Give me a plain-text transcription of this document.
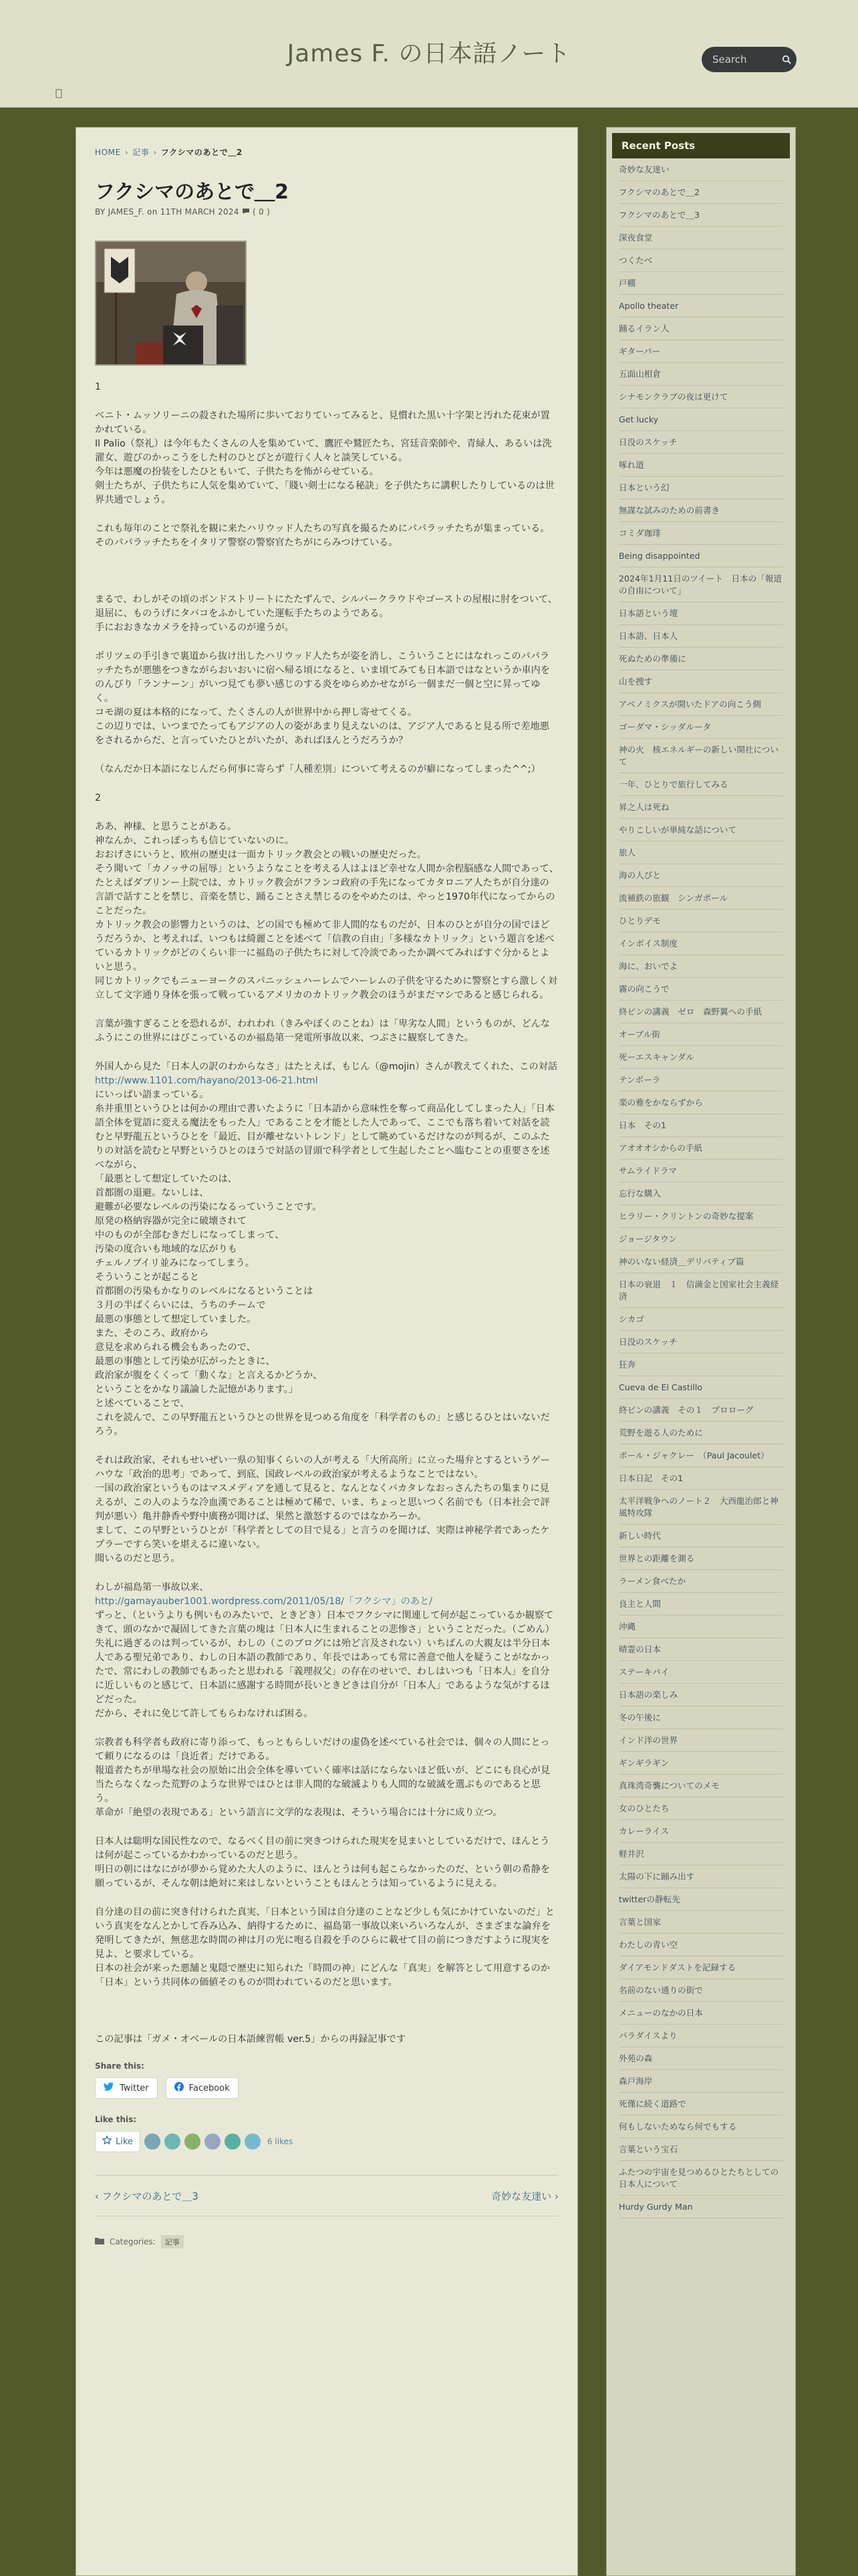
James F. の日本語ノート
Search
HOME › 記事 › フクシマのあとで＿2
フクシマのあとで＿2
BY JAMES_F. on 11TH MARCH 2024 ( 0 )

1

ベニト・ムッソリーニの殺された場所に歩いておりていってみると、見慣れた黒い十字架と汚れた花束が置かれている。
Il Palio（祭礼）は今年もたくさんの人を集めていて、鷹匠や鷲匠たち、宮廷音楽師や、青緑人、あるいは洗濯女、遊びのかっこうをした村のひとびとが遊行く人々と談笑している。
今年は悪魔の扮装をしたひともいて、子供たちを怖がらせている。
剣士たちが、子供たちに人気を集めていて、「賤い剣士になる秘訣」を子供たちに講釈したりしているのは世界共通でしょう。

これも毎年のことで祭礼を観に来たハリウッド人たちの写真を撮るためにパパラッチたちが集まっている。
そのパパラッチたちをイタリア警察の警察官たちがにらみつけている。

まるで、わしがその頃のボンドストリートにたたずんで、シルバークラウドやゴーストの屋根に肘をついて、退屈に、ものうげにタバコをふかしていた運転手たちのようである。
手におおきなカメラを持っているのが違うが。

ポリツェの手引きで裏道から抜け出したハリウッド人たちが姿を消し、こういうことにはなれっこのパパラッチたちが悪態をつきながらおいおいに宿へ帰る頃になると、いま頃てみても日本語ではなというか車内をのんびり「ランナーン」がいつ見ても夢い感じのする炎をゆらめかせながら一個まだ一個と空に昇ってゆく。
コモ湖の夏は本格的になって、たくさんの人が世界中から押し寄せてくる。
この辺りでは、いつまでたってもアジアの人の姿があまり見えないのは、アジア人であると見る所で差地悪をされるからだ、と言っていたひとがいたが、あればほんとうだろうか？

（なんだか日本語になじんだら何事に寄らず「人種差別」について考えるのが癖になってしまった^^;）

2

ああ、神様、と思うことがある。
神なんか、これっぽっちも信じていないのに。
おおげさにいうと、欧州の歴史は一面カトリック教会との戦いの歴史だった。
そう聞いて「カノッサの屈辱」というようなことを考える人はよほど幸せな人間か余程脳感な人間であって、たとえばダブリンー上院では、カトリック教会がフランコ政府の手先になってカタロニア人たちが自分達の言語で話すことを禁じ、音楽を禁じ、踊ることさえ禁じるのをやめたのは、やっと1970年代になってからのことだった。
カトリック教会の影響力というのは、どの国でも極めて非人間的なものだが、日本のひとが自分の国でほどうだろうか、と考えれば、いつもは綺麗ことを述べて「信教の自由」「多様なカトリック」という題言を述べているカトリックがどのくらい非一に福島の子供たちに対して冷淡であったか調べてみればすぐ分かるとよいと思う。
同じカトリックでもニューヨークのスパニッシュハーレムでハーレムの子供を守るために警察とすら激しく対立して文字通り身体を張って戦っているアメリカのカトリック教会のほうがまだマシであると感じられる。

言葉が強すぎることを恐れるが、われわれ（きみやぼくのことね）は「卑劣な人間」というものが、どんなふうにこの世界にはびこっているのか福島第一発電所事故以来、つぶさに観察してきた。

外国人から見た「日本人の訳のわからなさ」はたとえば、もじん（@mojin）さんが教えてくれた、この対話

http://www.1101.com/hayano/2013-06-21.html

にいっぱい語まっている。
糸井重里というひとは何かの理由で書いたように「日本語から意味性を奪って商品化してしまった人」「日本語全体を覚語に変える魔法をもった人」であることを才能とした人であって、ここでも落ち着いて対話を読むと早野龍五というひとを「最近、目が離せないトレンド」として眺めているだけなのが判るが、このふたりの対話を読むと早野というひとのほうで対話の冒頭で科学者として生起したことへ臨むことの重要さを述べながら、
「最悪として想定していたのは、
首都圏の退避。ないしは、
避難が必要なレベルの汚染になるっていうことです。
原発の格納容器が完全に破壊されて
中のものが全部むきだしになってしまって、
汚染の度合いも地域的な広がりも
チェルノブイリ並みになってしまう。
そういうことが起こると
首都圏の汚染もかなりのレベルになるということは
３月の半ばくらいには、うちのチームで
最悪の事態として想定していました。
また、そのころ、政府から
意見を求められる機会もあったので、
最悪の事態として汚染が広がったときに、
政治家が腹をくくって「動くな」と言えるかどうか、
ということをかなり議論した記憶があります。」
と述べていることで、
これを読んで、この早野龍五というひとの世界を見つめる角度を「科学者のもの」と感じるひとはいないだろう。

それは政治家、それもせいぜい一県の知事くらいの人が考える「大所高所」に立った場弁とするというゲーハウな「政治的思考」であって、到底、国政レベルの政治家が考えるようなことではない。
一国の政治家というものはマスメディアを通して見ると、なんとなくバカタレなおっさんたちの集まりに見えるが、この人のような冷血漢であることは極めて稀で、いま、ちょっと思いつく名前でも（日本社会で評判が悪い）亀井静香や野中廣務が聞けば、果然と激怒するのではなかろーか。
まして、この早野というひとが「科学者としての目で見る」と言うのを聞けば、実際は神秘学者であったケプラーですら笑いを堪えるに違いない。
聞いるのだと思う。

わしが福島第一事故以来、

http://gamayauber1001.wordpress.com/2011/05/18/「フクシマ」のあと/

ずっと、（というよりも例いものみたいで、ときどき）日本でフクシマに関連して何が起こっているか観察てきて、頭のなかで凝固してきた言葉の塊は「日本人に生まれることの悲惨さ」ということだった。（ごめん）
失礼に過ぎるのは判っているが、わしの（このブログには殆ど言及されない）いちばんの大親友は半分日本人である聖兄弟であり、わしの日本語の教師であり、年長ではあっても常に善意で他人を疑うことがなかったで、常にわしの教師でもあったと思われる「義理叔父」の存在のせいで、わしはいつも「日本人」を自分に近しいものと感じて、日本語に感謝する時間が長いときどきは自分が「日本人」であるような気がするほどだった。
だから、それに免じて許してもらわなければ困る。

宗教者も科学者も政府に寄り添って、もっともらしいだけの虚偽を述べている社会では、個々の人間にとって頼りになるのは「良近者」だけである。
報道者たちが単場な社会の原始に出会全体を導いていく確率は話にならないほど低いが、どこにも良心が見当たらなくなった荒野のような世界ではひとは非人間的な破滅よりも人間的な破滅を選ぶものであると思う。
革命が「絶望の表現である」という語言に文学的な表現は、そういう場合には十分に成り立つ。

日本人は聡明な国民性なので、なるべく目の前に突きつけられた現実を見まいとしているだけで、ほんとうは何が起こっているかわかっているのだと思う。
明日の朝にはなにがが夢から覚めた大人のように、ほんとうは何も起こらなかったのだ、という朝の希静を願っているが、そんな朝は絶対に来はしないということもほんとうは知っているように見える。

自分達の目の前に突き付けられた真実、「日本という国は自分達のことなど少しも気にかけていないのだ」という真実をなんとかして呑み込み、納得するために、福島第一事故以来いろいろなんが、さまざまな論弁を発明してきたが、無慈悲な時間の神は月の光に咆る自殺を手のひらに載せて目の前につきだすように現実を見よ、と要求している。
日本の社会が来った悪舗と鬼隠で歴史に知られた「時間の神」にどんな「真実」を解答として用意するのか「日本」という共同体の価値そのものが問われているのだと思います。

この記事は「ガメ・オベールの日本語練習帳 ver.5」からの再録記事です

Share this:
Twitter	Facebook
Like this:
Like	6 likes
‹ フクシマのあとで＿3	奇妙な友達い ›
Categories:	記事
Recent Posts
奇妙な友達い
フクシマのあとで＿2
フクシマのあとで＿3
深夜食堂
つくたべ
戸棚
Apollo theater
踊るイラン人
ギターパー
五面山相倉
シナモンクラブの夜は更けて
Get lucky
日没のスケッチ
啄れ道
日本という幻
無謀な試みのための前書き
コミダ珈琲
Being disappointed
2024年1月11日のツイート　日本の「報道の自由について」
日本語という壇
日本語、日本人
死ぬための準備に
山を捜す
アベノミクスが開いたドアの向こう側
ゴーダマ・シッダルータ
神の火　核エネルギーの新しい開社について
一年、ひとりで旅行してみる
昇之人は死ね
やりこしいが単純な話について
旅人
海の人びと
流補鉄の旅観　シンガポール
ひとりデモ
インボイス制度
海に、おいでよ
霧の向こうで
終ピンの講義　ゼロ　森野翼への手紙
オーブル街
死ーエスキャンダル
テンボーラ
楽の雅をかならずから
日本　その1
アオオオシからの手紙
サムライドラマ
忘行な購入
ヒラリー・クリントンの奇妙な提案
ジョージタウン
神のいない経済＿デリバティブ篇
日本の衰退　１　信満金と国家社会主義経済
シカゴ
日没のスケッチ
狂奔
Cueva de El Castillo
終ピンの講義　その１　プロローグ
荒野を遊る人のために
ポール・ジャクレー　（Paul Jacoulet）
日本日記　その1
太平洋戦争へのノート２　大西龍治郎と神風特攻隊
新しい時代
世界との距離を測る
ラーメン食べたか
良主と人間
沖縄
晴霊の日本
ステーキパイ
日本語の楽しみ
冬の午後に
インド洋の世界
ギンギラギン
真珠湾奇襲についてのメモ
女のひとたち
カレーライス
軽井沢
太陽の下に踊み出す
twitterの静転先
言葉と国家
わたしの青い空
ダイアモンドダストを記録する
名前のない通りの街で
メニューのなかの日本
パラダイスより
外苑の森
森戸海岸
死僅に続く道路で
何もしないためなら何でもする
言葉という宝石
ふたつの宇宙を見つめるひとたちとしての日本人について
Hurdy Gurdy Man
